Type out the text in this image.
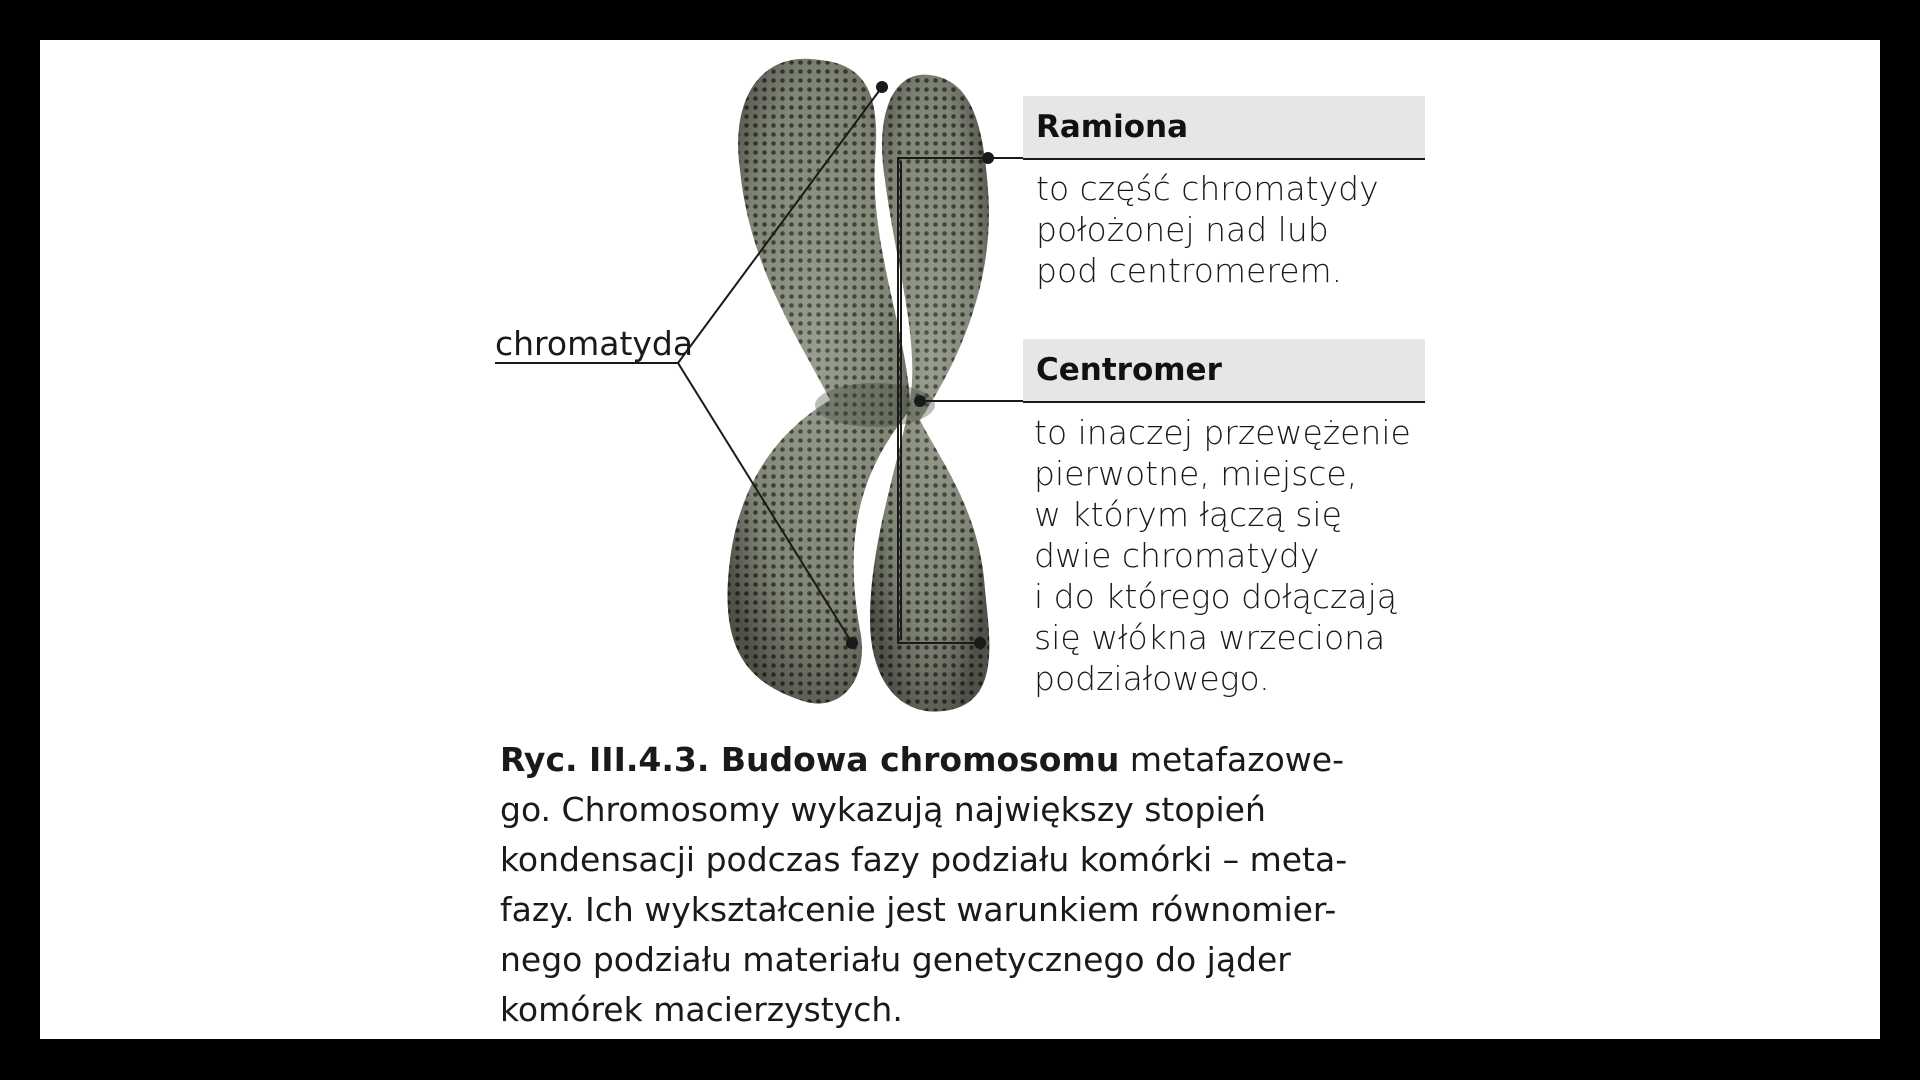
chromatyda
Ramiona
to część chromatydy
położonej nad lub
pod centromerem.
Centromer
to inaczej przewężenie
pierwotne, miejsce,
w którym łączą się
dwie chromatydy
i do którego dołączają
się włókna wrzeciona
podziałowego.
Ryc. III.4.3. Budowa chromosomu metafazowe-
go. Chromosomy wykazują największy stopień
kondensacji podczas fazy podziału komórki – meta-
fazy. Ich wykształcenie jest warunkiem równomier-
nego podziału materiału genetycznego do jąder
komórek macierzystych.
